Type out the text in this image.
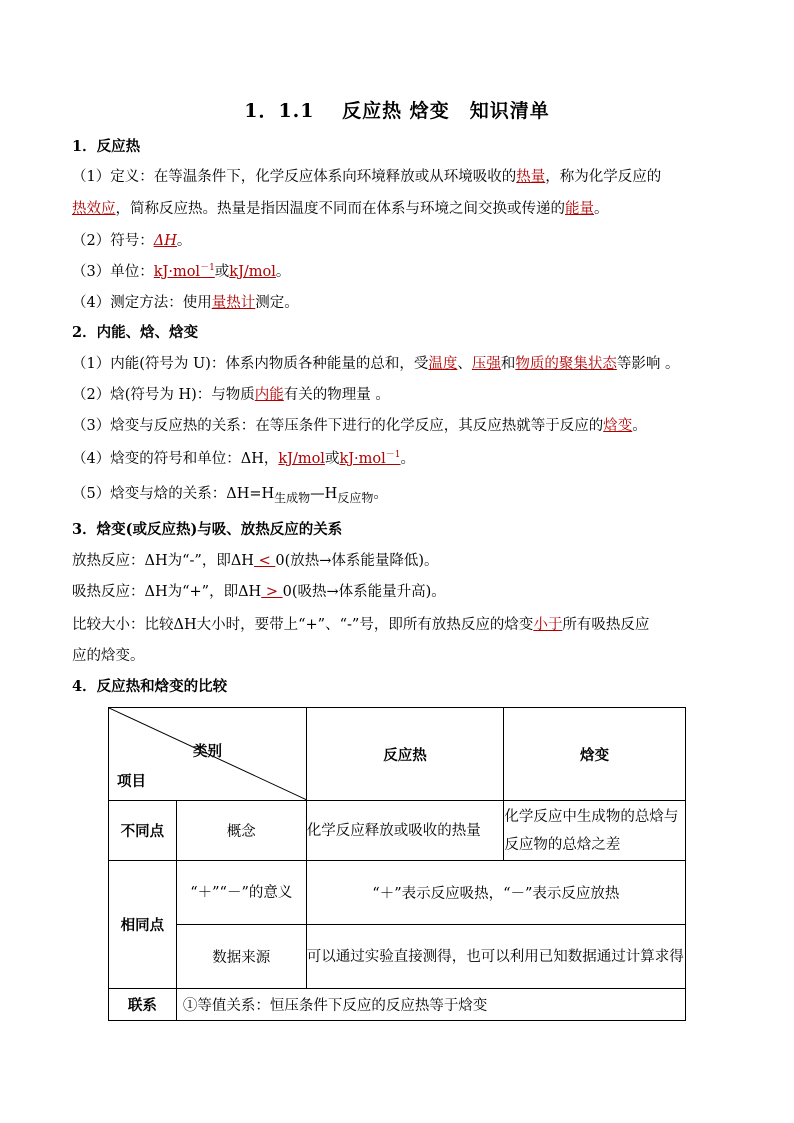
1．1.1　 反应热 焓变　知识清单
1．反应热
（1）定义：在等温条件下，化学反应体系向环境释放或从环境吸收的热量，称为化学反应的
热效应，简称反应热。热量是指因温度不同而在体系与环境之间交换或传递的能量。
（2）符号：ΔH。
（3）单位：kJ·mol$^{-1}$或kJ/mol。
（4）测定方法：使用量热计测定。
2．内能、焓、焓变
（1）内能(符号为 U)：体系内物质各种能量的总和，受温度、压强和物质的聚集状态等影响 。
（2）焓(符号为 H)：与物质内能有关的物理量 。
（3）焓变与反应热的关系：在等压条件下进行的化学反应，其反应热就等于反应的焓变。
（4）焓变的符号和单位：ΔH，kJ/mol或kJ·mol$^{-1}$。
（5）焓变与焓的关系：$\Delta H=H_{生成物}—H_{反应物}$。
3．焓变(或反应热)与吸、放热反应的关系
放热反应：ΔH为“-”，即ΔH < 0(放热→体系能量降低)。
吸热反应：ΔH为“+”，即ΔH > 0(吸热→体系能量升高)。
比较大小：比较ΔH大小时，要带上“+”、“-”号，即所有放热反应的焓变小于所有吸热反应
应的焓变。
4．反应热和焓变的比较
类别
项目		反应热	焓变
不同点	概念	化学反应释放或吸收的热量	化学反应中生成物的总焓与反应物的总焓之差
相同点	“＋”“－”的意义	“＋”表示反应吸热，“－”表示反应放热	
	数据来源	可以通过实验直接测得，也可以利用已知数据通过计算求得	
联系	①等值关系：恒压条件下反应的反应热等于焓变		
